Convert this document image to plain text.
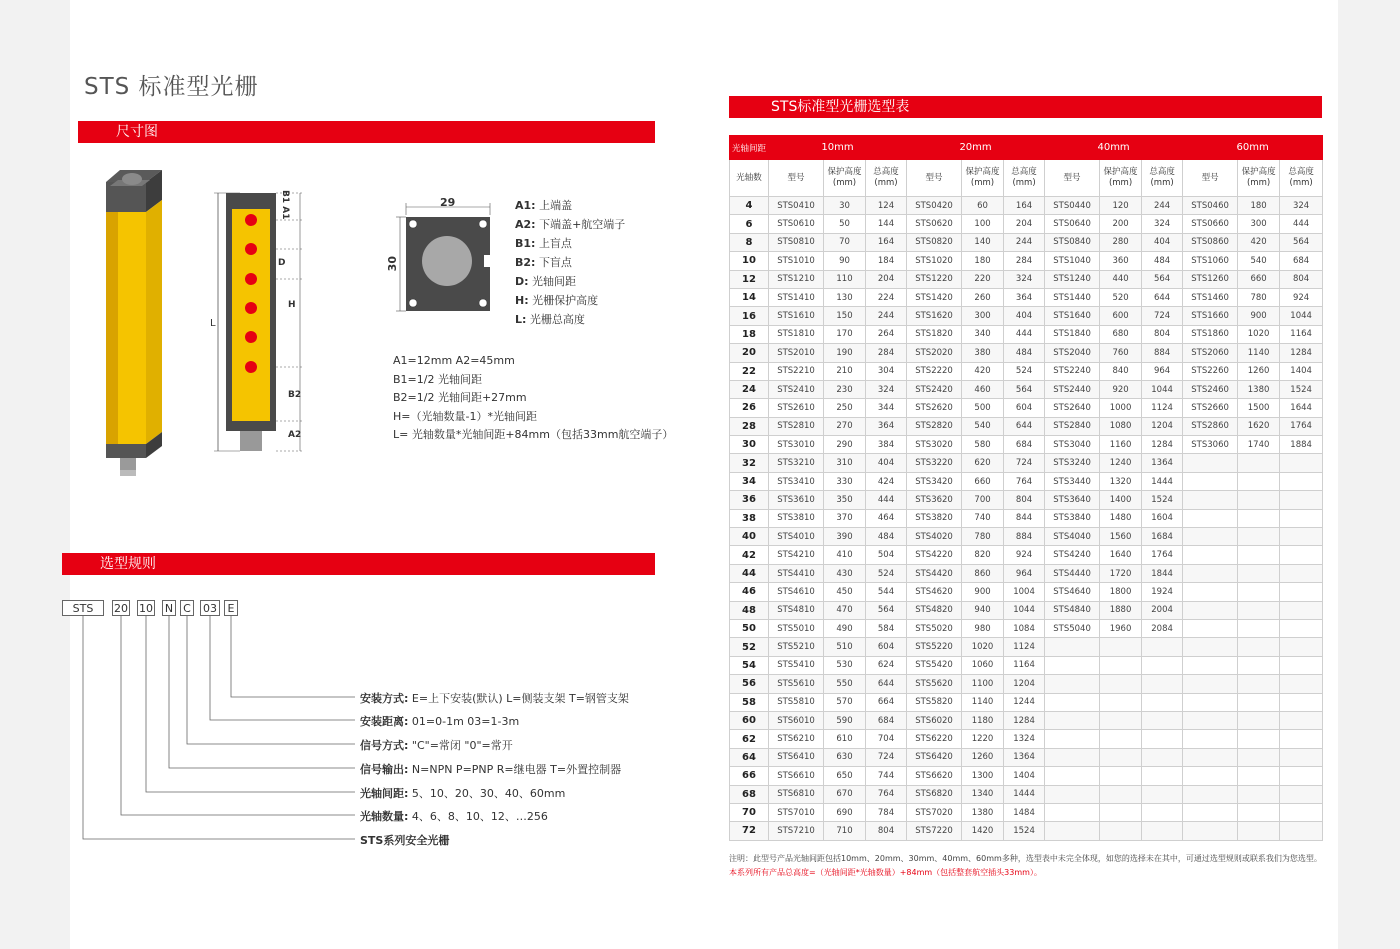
STS 标准型光栅
尺寸图
选型规则
STS标准型光栅选型表
B1 A1
D
H
B2
A2
L
29
30
A1: 上端盖
A2: 下端盖+航空端子
B1: 上盲点
B2: 下盲点
D: 光轴间距
H: 光栅保护高度
L: 光栅总高度
A1=12mm A2=45mm
B1=1/2 光轴间距
B2=1/2 光轴间距+27mm
H=（光轴数量-1）*光轴间距
L= 光轴数量*光轴间距+84mm（包括33mm航空端子）
STS	20 10 N C 03 E
安装方式: E=上下安装(默认) L=侧装支架 T=钢管支架
安装距离: 01=0-1m 03=1-3m
信号方式: "C"=常闭 "0"=常开
信号输出: N=NPN P=PNP R=继电器 T=外置控制器
光轴间距: 5、10、20、30、40、60mm
光轴数量: 4、6、8、10、12、…256
STS系列安全光栅
光轴间距	10mm			20mm			40mm			60mm		
光轴数	型号	保护高度 (mm)	总高度 (mm)	型号	保护高度 (mm)	总高度 (mm)	型号	保护高度 (mm)	总高度 (mm)	型号	保护高度 (mm)	总高度 (mm)
4	STS0410	30	124	STS0420	60	164	STS0440	120	244	STS0460	180	324
6	STS0610	50	144	STS0620	100	204	STS0640	200	324	STS0660	300	444
8	STS0810	70	164	STS0820	140	244	STS0840	280	404	STS0860	420	564
10	STS1010	90	184	STS1020	180	284	STS1040	360	484	STS1060	540	684
12	STS1210	110	204	STS1220	220	324	STS1240	440	564	STS1260	660	804
14	STS1410	130	224	STS1420	260	364	STS1440	520	644	STS1460	780	924
16	STS1610	150	244	STS1620	300	404	STS1640	600	724	STS1660	900	1044
18	STS1810	170	264	STS1820	340	444	STS1840	680	804	STS1860	1020	1164
20	STS2010	190	284	STS2020	380	484	STS2040	760	884	STS2060	1140	1284
22	STS2210	210	304	STS2220	420	524	STS2240	840	964	STS2260	1260	1404
24	STS2410	230	324	STS2420	460	564	STS2440	920	1044	STS2460	1380	1524
26	STS2610	250	344	STS2620	500	604	STS2640	1000	1124	STS2660	1500	1644
28	STS2810	270	364	STS2820	540	644	STS2840	1080	1204	STS2860	1620	1764
30	STS3010	290	384	STS3020	580	684	STS3040	1160	1284	STS3060	1740	1884
32	STS3210	310	404	STS3220	620	724	STS3240	1240	1364			
34	STS3410	330	424	STS3420	660	764	STS3440	1320	1444			
36	STS3610	350	444	STS3620	700	804	STS3640	1400	1524			
38	STS3810	370	464	STS3820	740	844	STS3840	1480	1604			
40	STS4010	390	484	STS4020	780	884	STS4040	1560	1684			
42	STS4210	410	504	STS4220	820	924	STS4240	1640	1764			
44	STS4410	430	524	STS4420	860	964	STS4440	1720	1844			
46	STS4610	450	544	STS4620	900	1004	STS4640	1800	1924			
48	STS4810	470	564	STS4820	940	1044	STS4840	1880	2004			
50	STS5010	490	584	STS5020	980	1084	STS5040	1960	2084			
52	STS5210	510	604	STS5220	1020	1124						
54	STS5410	530	624	STS5420	1060	1164						
56	STS5610	550	644	STS5620	1100	1204						
58	STS5810	570	664	STS5820	1140	1244						
60	STS6010	590	684	STS6020	1180	1284						
62	STS6210	610	704	STS6220	1220	1324						
64	STS6410	630	724	STS6420	1260	1364						
66	STS6610	650	744	STS6620	1300	1404						
68	STS6810	670	764	STS6820	1340	1444						
70	STS7010	690	784	STS7020	1380	1484						
72	STS7210	710	804	STS7220	1420	1524						
注明：此型号产品光轴间距包括10mm、20mm、30mm、40mm、60mm多种，选型表中未完全体现，如您的选择未在其中，可通过选型规则或联系我们为您选型。
本系列所有产品总高度=（光轴间距*光轴数量）+84mm（包括整套航空插头33mm）。
